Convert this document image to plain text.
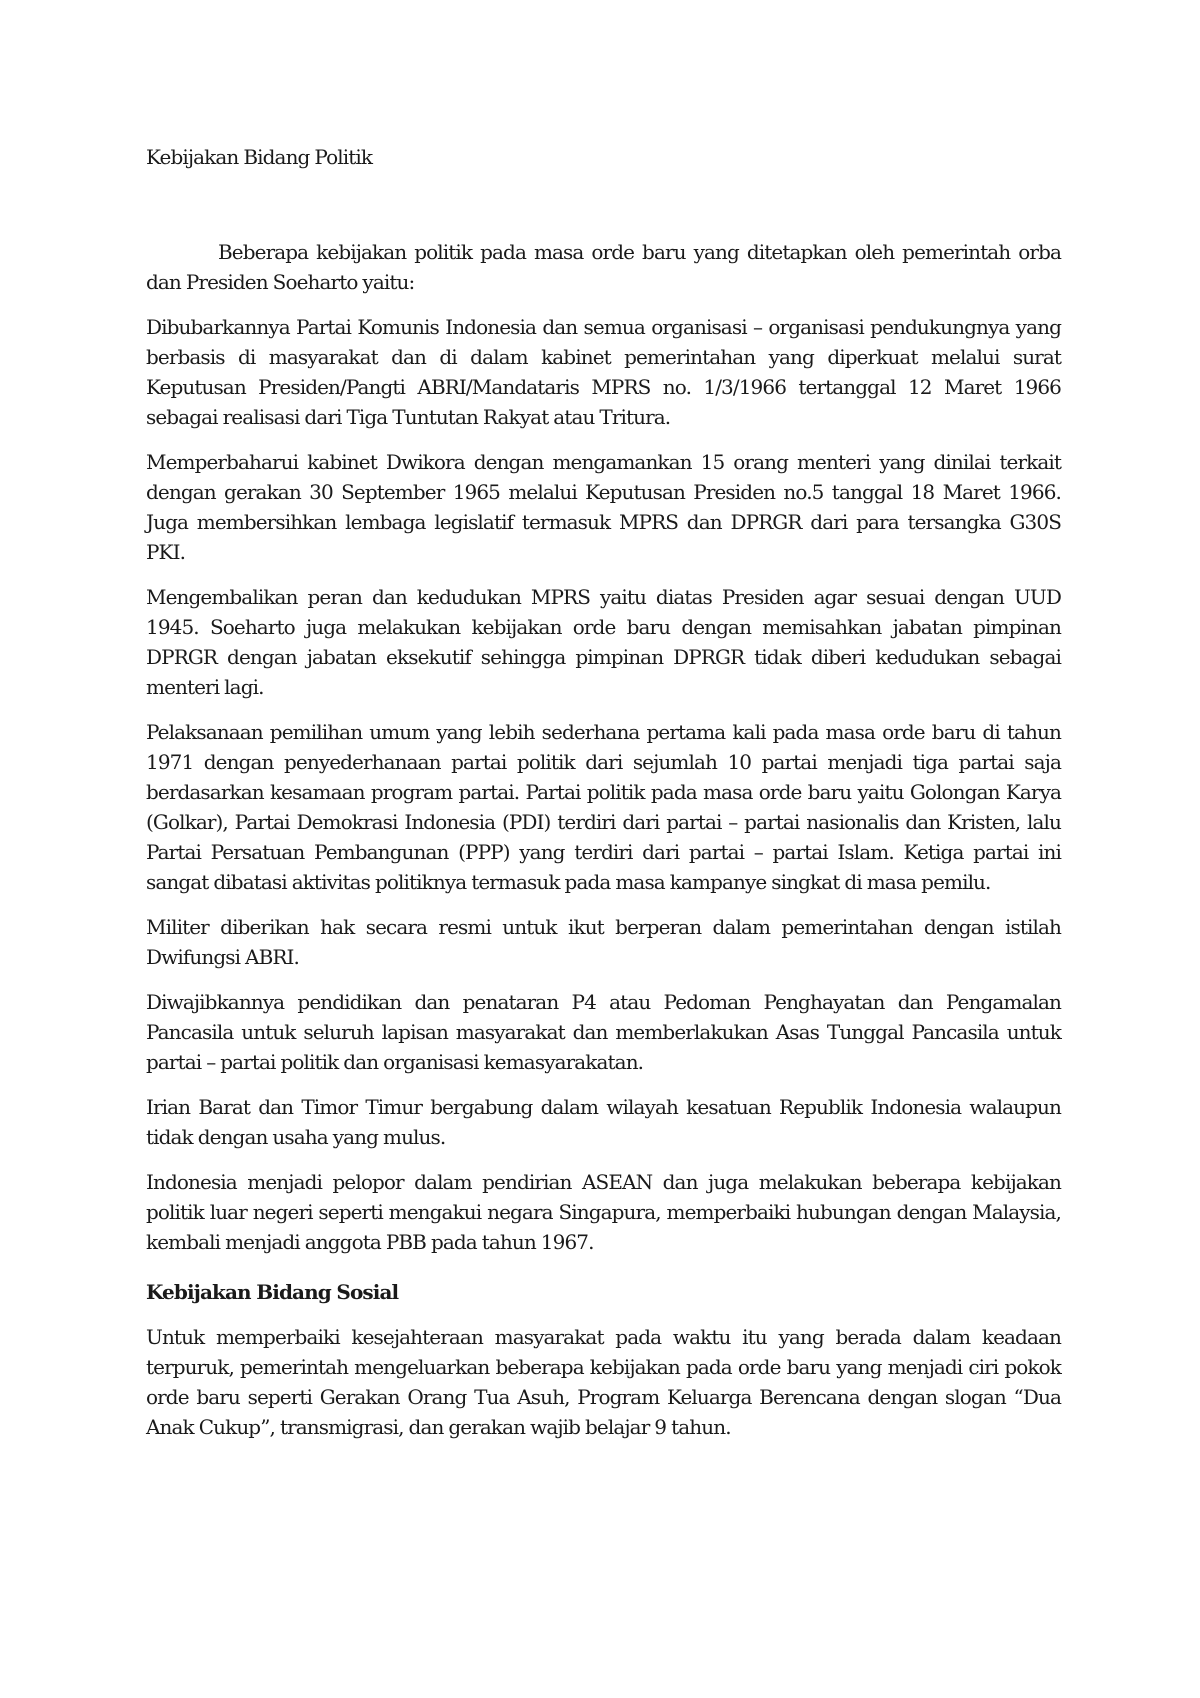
Kebijakan Bidang Politik

Beberapa kebijakan politik pada masa orde baru yang ditetapkan oleh pemerintah orba dan Presiden Soeharto yaitu:

Dibubarkannya Partai Komunis Indonesia dan semua organisasi – organisasi pendukungnya yang berbasis di masyarakat dan di dalam kabinet pemerintahan yang diperkuat melalui surat Keputusan Presiden/Pangti ABRI/Mandataris MPRS no. 1/3/1966 tertanggal 12 Maret 1966 sebagai realisasi dari Tiga Tuntutan Rakyat atau Tritura.

Memperbaharui kabinet Dwikora dengan mengamankan 15 orang menteri yang dinilai terkait dengan gerakan 30 September 1965 melalui Keputusan Presiden no.5 tanggal 18 Maret 1966. Juga membersihkan lembaga legislatif termasuk MPRS dan DPRGR dari para tersangka G30S PKI.

Mengembalikan peran dan kedudukan MPRS yaitu diatas Presiden agar sesuai dengan UUD 1945. Soeharto juga melakukan kebijakan orde baru dengan memisahkan jabatan pimpinan DPRGR dengan jabatan eksekutif sehingga pimpinan DPRGR tidak diberi kedudukan sebagai menteri lagi.

Pelaksanaan pemilihan umum yang lebih sederhana pertama kali pada masa orde baru di tahun 1971 dengan penyederhanaan partai politik dari sejumlah 10 partai menjadi tiga partai saja berdasarkan kesamaan program partai. Partai politik pada masa orde baru yaitu Golongan Karya (Golkar), Partai Demokrasi Indonesia (PDI) terdiri dari partai – partai nasionalis dan Kristen, lalu Partai Persatuan Pembangunan (PPP) yang terdiri dari partai – partai Islam. Ketiga partai ini sangat dibatasi aktivitas politiknya termasuk pada masa kampanye singkat di masa pemilu.

Militer diberikan hak secara resmi untuk ikut berperan dalam pemerintahan dengan istilah Dwifungsi ABRI.

Diwajibkannya pendidikan dan penataran P4 atau Pedoman Penghayatan dan Pengamalan Pancasila untuk seluruh lapisan masyarakat dan memberlakukan Asas Tunggal Pancasila untuk partai – partai politik dan organisasi kemasyarakatan.

Irian Barat dan Timor Timur bergabung dalam wilayah kesatuan Republik Indonesia walaupun tidak dengan usaha yang mulus.

Indonesia menjadi pelopor dalam pendirian ASEAN dan juga melakukan beberapa kebijakan politik luar negeri seperti mengakui negara Singapura, memperbaiki hubungan dengan Malaysia, kembali menjadi anggota PBB pada tahun 1967.

Kebijakan Bidang Sosial

Untuk memperbaiki kesejahteraan masyarakat pada waktu itu yang berada dalam keadaan terpuruk, pemerintah mengeluarkan beberapa kebijakan pada orde baru yang menjadi ciri pokok orde baru seperti Gerakan Orang Tua Asuh, Program Keluarga Berencana dengan slogan “Dua Anak Cukup”, transmigrasi, dan gerakan wajib belajar 9 tahun.
